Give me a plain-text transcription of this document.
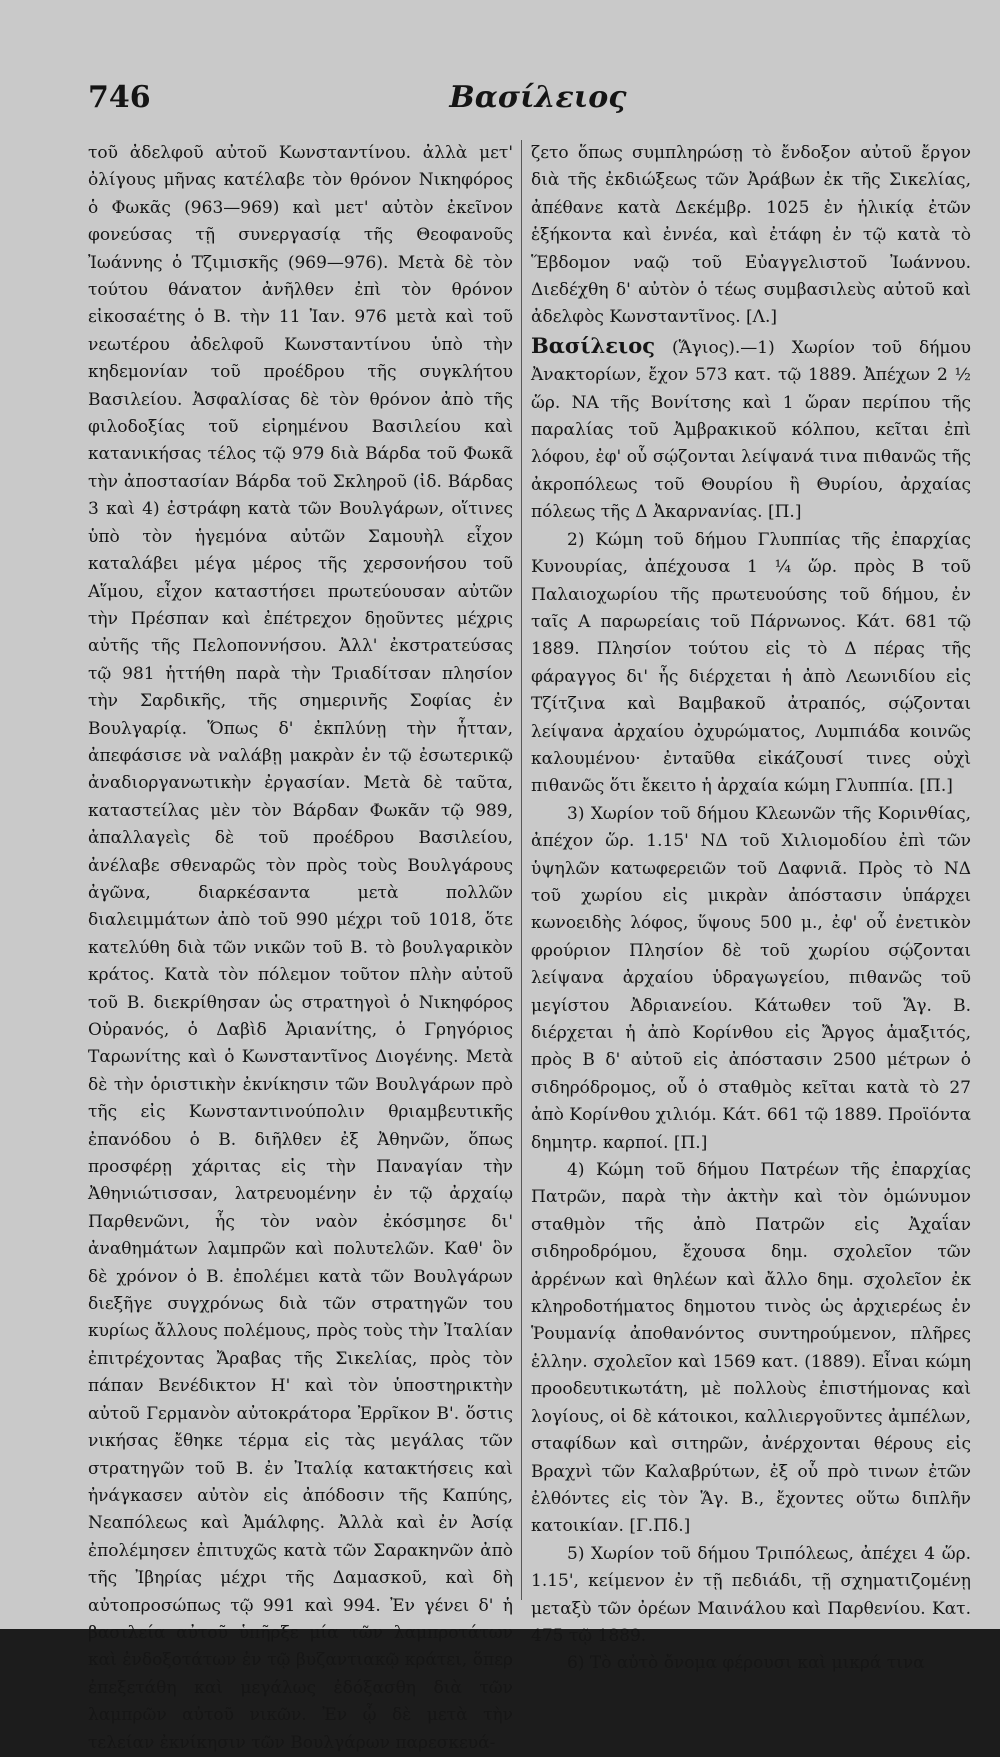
746	Βασίλειος

τοῦ ἀδελφοῦ αὐτοῦ Κωνσταντίνου. ἀλλὰ μετ' ὀλίγους μῆνας κατέλαβε τὸν θρόνον Νικηφόρος ὁ Φωκᾶς (963—969) καὶ μετ' αὐτὸν ἐκεῖνον φονεύσας τῇ συνεργασίᾳ τῆς Θεοφανοῦς Ἰωάννης ὁ Τζιμισκῆς (969—976). Μετὰ δὲ τὸν τούτου θάνατον ἀνῆλθεν ἐπὶ τὸν θρόνον εἰκοσαέτης ὁ Β. τὴν 11 Ἰαν. 976 μετὰ καὶ τοῦ νεωτέρου ἀδελφοῦ Κωνσταντίνου ὑπὸ τὴν κηδεμονίαν τοῦ προέδρου τῆς συγκλήτου Βασιλείου. Ἀσφαλίσας δὲ τὸν θρόνον ἀπὸ τῆς φιλοδοξίας τοῦ εἰρημένου Βασιλείου καὶ κατανικήσας τέλος τῷ 979 διὰ Βάρδα τοῦ Φωκᾶ τὴν ἀποστασίαν Βάρδα τοῦ Σκληροῦ (ἰδ. Βάρδας 3 καὶ 4) ἐστράφη κατὰ τῶν Βουλγάρων, οἵτινες ὑπὸ τὸν ἡγεμόνα αὐτῶν Σαμουὴλ εἶχον καταλάβει μέγα μέρος τῆς χερσονήσου τοῦ Αἵμου, εἶχον καταστήσει πρωτεύουσαν αὐτῶν τὴν Πρέσπαν καὶ ἐπέτρεχον δῃοῦντες μέχρις αὐτῆς τῆς Πελοποννήσου. Ἀλλ' ἐκστρατεύσας τῷ 981 ἡττήθη παρὰ τὴν Τριαδίτσαν πλησίον τὴν Σαρδικῆς, τῆς σημερινῆς Σοφίας ἐν Βουλγαρίᾳ. Ὅπως δ' ἐκπλύνῃ τὴν ἧτταν, ἀπεφάσισε νὰ ναλάβῃ μακρὰν ἐν τῷ ἐσωτερικῷ ἀναδιοργανωτικὴν ἐργασίαν. Μετὰ δὲ ταῦτα, καταστείλας μὲν τὸν Βάρδαν Φωκᾶν τῷ 989, ἀπαλλαγεὶς δὲ τοῦ προέδρου Βασιλείου, ἀνέλαβε σθεναρῶς τὸν πρὸς τοὺς Βουλγάρους ἀγῶνα, διαρκέσαντα μετὰ πολλῶν διαλειμμάτων ἀπὸ τοῦ 990 μέχρι τοῦ 1018, ὅτε κατελύθη διὰ τῶν νικῶν τοῦ Β. τὸ βουλγαρικὸν κράτος. Κατὰ τὸν πόλεμον τοῦτον πλὴν αὐτοῦ τοῦ Β. διεκρίθησαν ὡς στρατηγοὶ ὁ Νικηφόρος Οὐρανός, ὁ Δαβὶδ Ἀριανίτης, ὁ Γρηγόριος Ταρωνίτης καὶ ὁ Κωνσταντῖνος Διογένης. Μετὰ δὲ τὴν ὁριστικὴν ἐκνίκησιν τῶν Βουλγάρων πρὸ τῆς εἰς Κωνσταντινούπολιν θριαμβευτικῆς ἐπανόδου ὁ Β. διῆλθεν ἐξ Ἀθηνῶν, ὅπως προσφέρῃ χάριτας εἰς τὴν Παναγίαν τὴν Ἀθηνιώτισσαν, λατρευομένην ἐν τῷ ἀρχαίῳ Παρθενῶνι, ἧς τὸν ναὸν ἐκόσμησε δι' ἀναθημάτων λαμπρῶν καὶ πολυτελῶν. Καθ' ὃν δὲ χρόνον ὁ Β. ἐπολέμει κατὰ τῶν Βουλγάρων διεξῆγε συγχρόνως διὰ τῶν στρατηγῶν του κυρίως ἄλλους πολέμους, πρὸς τοὺς τὴν Ἰταλίαν ἐπιτρέχοντας Ἄραβας τῆς Σικελίας, πρὸς τὸν πάπαν Βενέδικτον Η' καὶ τὸν ὑποστηρικτὴν αὐτοῦ Γερμανὸν αὐτοκράτορα Ἐρρῖκον Β'. ὅστις νικήσας ἔθηκε τέρμα εἰς τὰς μεγάλας τῶν στρατηγῶν τοῦ Β. ἐν Ἰταλίᾳ κατακτήσεις καὶ ἠνάγκασεν αὐτὸν εἰς ἀπόδοσιν τῆς Καπύης, Νεαπόλεως καὶ Ἀμάλφης. Ἀλλὰ καὶ ἐν Ἀσίᾳ ἐπολέμησεν ἐπιτυχῶς κατὰ τῶν Σαρακηνῶν ἀπὸ τῆς Ἰβηρίας μέχρι τῆς Δαμασκοῦ, καὶ δὴ αὐτοπροσώπως τῷ 991 καὶ 994. Ἐν γένει δ' ἡ βασιλεία αὐτοῦ ὑπῆρξε μία τῶν λαμπροτάτων καὶ ἐνδοξοτάτων ἐν τῷ βυζαντιακῷ κράτει, ὅπερ ἐπεξετάθη καὶ μεγάλως ἐδόξασθη διὰ τῶν λαμπρῶν αὐτοῦ νικῶν. Ἐν ᾧ δὲ μετὰ τὴν τελείαν ἐκνίκησιν τῶν Βουλγάρων παρεσκευά-

ζετο ὅπως συμπληρώσῃ τὸ ἔνδοξον αὐτοῦ ἔργον διὰ τῆς ἐκδιώξεως τῶν Ἀράβων ἐκ τῆς Σικελίας, ἀπέθανε κατὰ Δεκέμβρ. 1025 ἐν ἡλικίᾳ ἐτῶν ἑξήκοντα καὶ ἐννέα, καὶ ἐτάφη ἐν τῷ κατὰ τὸ Ἕβδομον ναῷ τοῦ Εὐαγγελιστοῦ Ἰωάννου. Διεδέχθη δ' αὐτὸν ὁ τέως συμβασιλεὺς αὐτοῦ καὶ ἀδελφὸς Κωνσταντῖνος. [Λ.]

Βασίλειος (Ἅγιος).—1) Χωρίον τοῦ δήμου Ἀνακτορίων, ἔχον 573 κατ. τῷ 1889. Ἀπέχων 2 ½ ὥρ. ΝΑ τῆς Βονίτσης καὶ 1 ὥραν περίπου τῆς παραλίας τοῦ Ἀμβρακικοῦ κόλπου, κεῖται ἐπὶ λόφου, ἐφ' οὗ σῴζονται λείψανά τινα πιθανῶς τῆς ἀκροπόλεως τοῦ Θουρίου ἢ Θυρίου, ἀρχαίας πόλεως τῆς Δ Ἀκαρνανίας. [Π.]

2) Κώμη τοῦ δήμου Γλυππίας τῆς ἐπαρχίας Κυνουρίας, ἀπέχουσα 1 ¼ ὥρ. πρὸς Β τοῦ Παλαιοχωρίου τῆς πρωτευούσης τοῦ δήμου, ἐν ταῖς Α παρωρείαις τοῦ Πάρνωνος. Κάτ. 681 τῷ 1889. Πλησίον τούτου εἰς τὸ Δ πέρας τῆς φάραγγος δι' ἧς διέρχεται ἡ ἀπὸ Λεωνιδίου εἰς Τζίτζινα καὶ Βαμβακοῦ ἀτραπός, σῴζονται λείψανα ἀρχαίου ὀχυρώματος, Λυμπιάδα κοινῶς καλουμένου· ἐνταῦθα εἰκάζουσί τινες οὐχὶ πιθανῶς ὅτι ἔκειτο ἡ ἀρχαία κώμη Γλυππία. [Π.]

3) Χωρίον τοῦ δήμου Κλεωνῶν τῆς Κορινθίας, ἀπέχον ὥρ. 1.15' ΝΔ τοῦ Χιλιομοδίου ἐπὶ τῶν ὑψηλῶν κατωφερειῶν τοῦ Δαφνιᾶ. Πρὸς τὸ ΝΔ τοῦ χωρίου εἰς μικρὰν ἀπόστασιν ὑπάρχει κωνοειδὴς λόφος, ὕψους 500 μ., ἐφ' οὗ ἐνετικὸν φρούριον Πλησίον δὲ τοῦ χωρίου σῴζονται λείψανα ἀρχαίου ὑδραγωγείου, πιθανῶς τοῦ μεγίστου Ἀδριανείου. Κάτωθεν τοῦ Ἅγ. Β. διέρχεται ἡ ἀπὸ Κορίνθου εἰς Ἄργος ἁμαξιτός, πρὸς Β δ' αὐτοῦ εἰς ἀπόστασιν 2500 μέτρων ὁ σιδηρόδρομος, οὗ ὁ σταθμὸς κεῖται κατὰ τὸ 27 ἀπὸ Κορίνθου χιλιόμ. Κάτ. 661 τῷ 1889. Προϊόντα δημητρ. καρποί. [Π.]

4) Κώμη τοῦ δήμου Πατρέων τῆς ἐπαρχίας Πατρῶν, παρὰ τὴν ἀκτὴν καὶ τὸν ὁμώνυμον σταθμὸν τῆς ἀπὸ Πατρῶν εἰς Ἀχαΐαν σιδηροδρόμου, ἔχουσα δημ. σχολεῖον τῶν ἀρρένων καὶ θηλέων καὶ ἄλλο δημ. σχολεῖον ἐκ κληροδοτήματος δημοτου τινὸς ὡς ἀρχιερέως ἐν Ῥουμανίᾳ ἀποθανόντος συντηρούμενον, πλῆρες ἑλλην. σχολεῖον καὶ 1569 κατ. (1889). Εἶναι κώμη προοδευτικωτάτη, μὲ πολλοὺς ἐπιστήμονας καὶ λογίους, οἱ δὲ κάτοικοι, καλλιεργοῦντες ἀμπέλων, σταφίδων καὶ σιτηρῶν, ἀνέρχονται θέρους εἰς Βραχνὶ τῶν Καλαβρύτων, ἐξ οὗ πρὸ τινων ἐτῶν ἐλθόντες εἰς τὸν Ἅγ. Β., ἔχοντες οὕτω διπλῆν κατοικίαν. [Γ.Πδ.]

5) Χωρίον τοῦ δήμου Τριπόλεως, ἀπέχει 4 ὥρ. 1.15', κείμενον ἐν τῇ πεδιάδι, τῇ σχηματιζομένῃ μεταξὺ τῶν ὀρέων Μαινάλου καὶ Παρθενίου. Κατ. 475 τῷ 1889.

6) Τὸ αὐτὸ ὄνομα φέρουσι καὶ μικρά τινα
